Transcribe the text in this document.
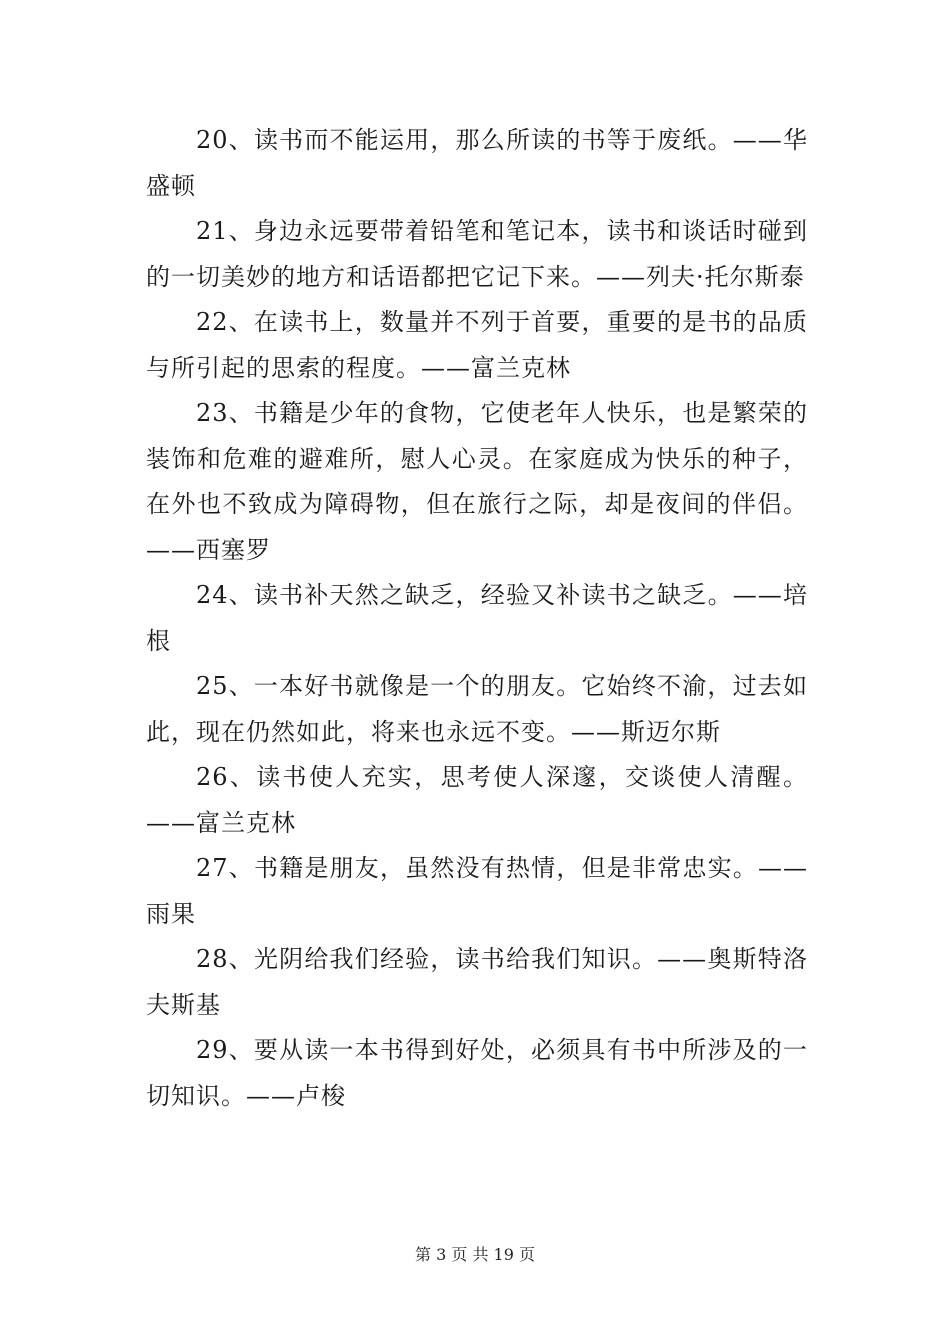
20、读书而不能运用，那么所读的书等于废纸。——华盛顿

21、身边永远要带着铅笔和笔记本，读书和谈话时碰到的一切美妙的地方和话语都把它记下来。——列夫·托尔斯泰

22、在读书上，数量并不列于首要，重要的是书的品质与所引起的思索的程度。——富兰克林

23、书籍是少年的食物，它使老年人快乐，也是繁荣的装饰和危难的避难所，慰人心灵。在家庭成为快乐的种子，在外也不致成为障碍物，但在旅行之际，却是夜间的伴侣。——西塞罗

24、读书补天然之缺乏，经验又补读书之缺乏。——培根

25、一本好书就像是一个的朋友。它始终不渝，过去如此，现在仍然如此，将来也永远不变。——斯迈尔斯

26、读书使人充实，思考使人深邃，交谈使人清醒。——富兰克林

27、书籍是朋友，虽然没有热情，但是非常忠实。——雨果

28、光阴给我们经验，读书给我们知识。——奥斯特洛夫斯基

29、要从读一本书得到好处，必须具有书中所涉及的一切知识。——卢梭

第 3 页 共 19 页
